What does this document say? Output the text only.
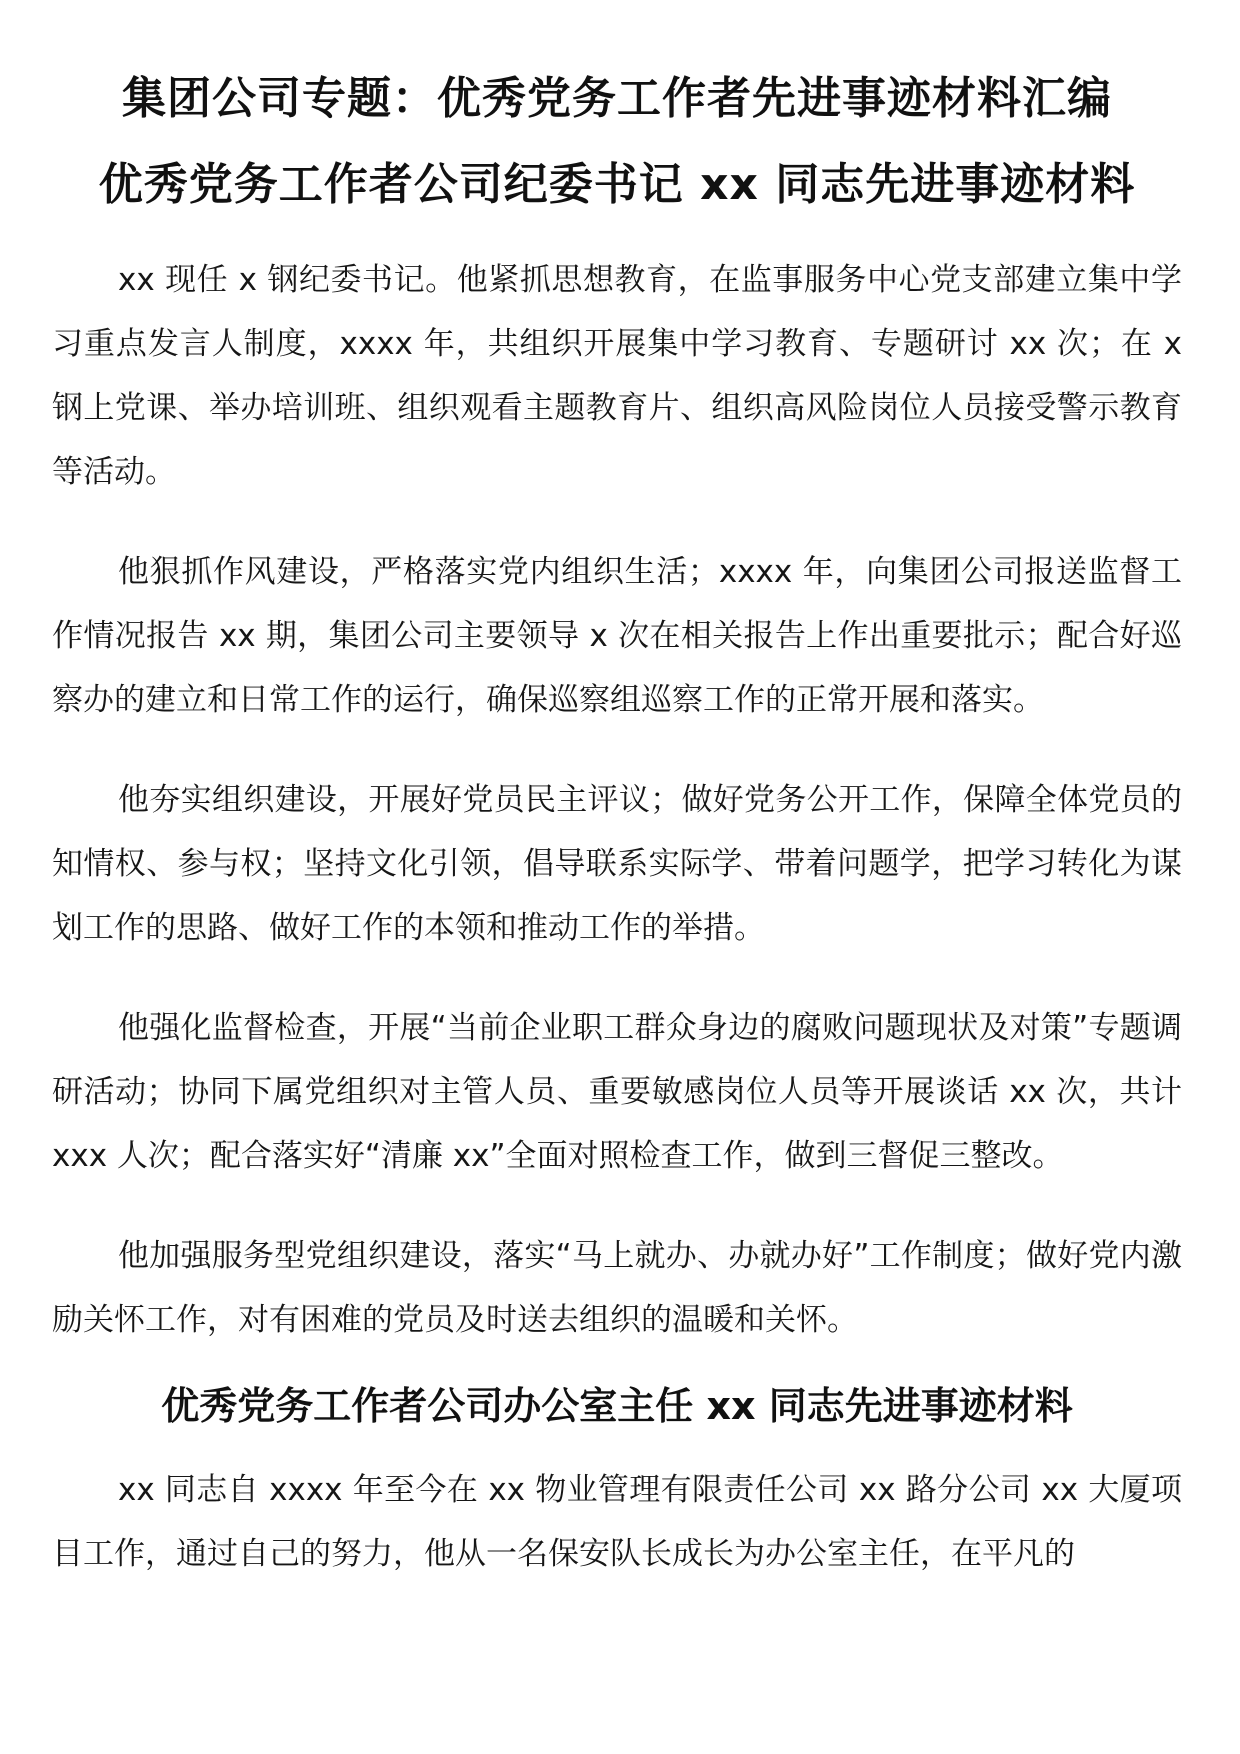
集团公司专题：优秀党务工作者先进事迹材料汇编
优秀党务工作者公司纪委书记 xx 同志先进事迹材料

xx 现任 x 钢纪委书记。他紧抓思想教育，在监事服务中心党支部建立集中学习重点发言人制度，xxxx 年，共组织开展集中学习教育、专题研讨 xx 次；在 x 钢上党课、举办培训班、组织观看主题教育片、组织高风险岗位人员接受警示教育等活动。

他狠抓作风建设，严格落实党内组织生活；xxxx 年，向集团公司报送监督工作情况报告 xx 期，集团公司主要领导 x 次在相关报告上作出重要批示；配合好巡察办的建立和日常工作的运行，确保巡察组巡察工作的正常开展和落实。

他夯实组织建设，开展好党员民主评议；做好党务公开工作，保障全体党员的知情权、参与权；坚持文化引领，倡导联系实际学、带着问题学，把学习转化为谋划工作的思路、做好工作的本领和推动工作的举措。

他强化监督检查，开展“当前企业职工群众身边的腐败问题现状及对策”专题调研活动；协同下属党组织对主管人员、重要敏感岗位人员等开展谈话 xx 次，共计 xxx 人次；配合落实好“清廉 xx”全面对照检查工作，做到三督促三整改。

他加强服务型党组织建设，落实“马上就办、办就办好”工作制度；做好党内激励关怀工作，对有困难的党员及时送去组织的温暖和关怀。

优秀党务工作者公司办公室主任 xx 同志先进事迹材料

xx 同志自 xxxx 年至今在 xx 物业管理有限责任公司 xx 路分公司 xx 大厦项目工作，通过自己的努力，他从一名保安队长成长为办公室主任，在平凡的
